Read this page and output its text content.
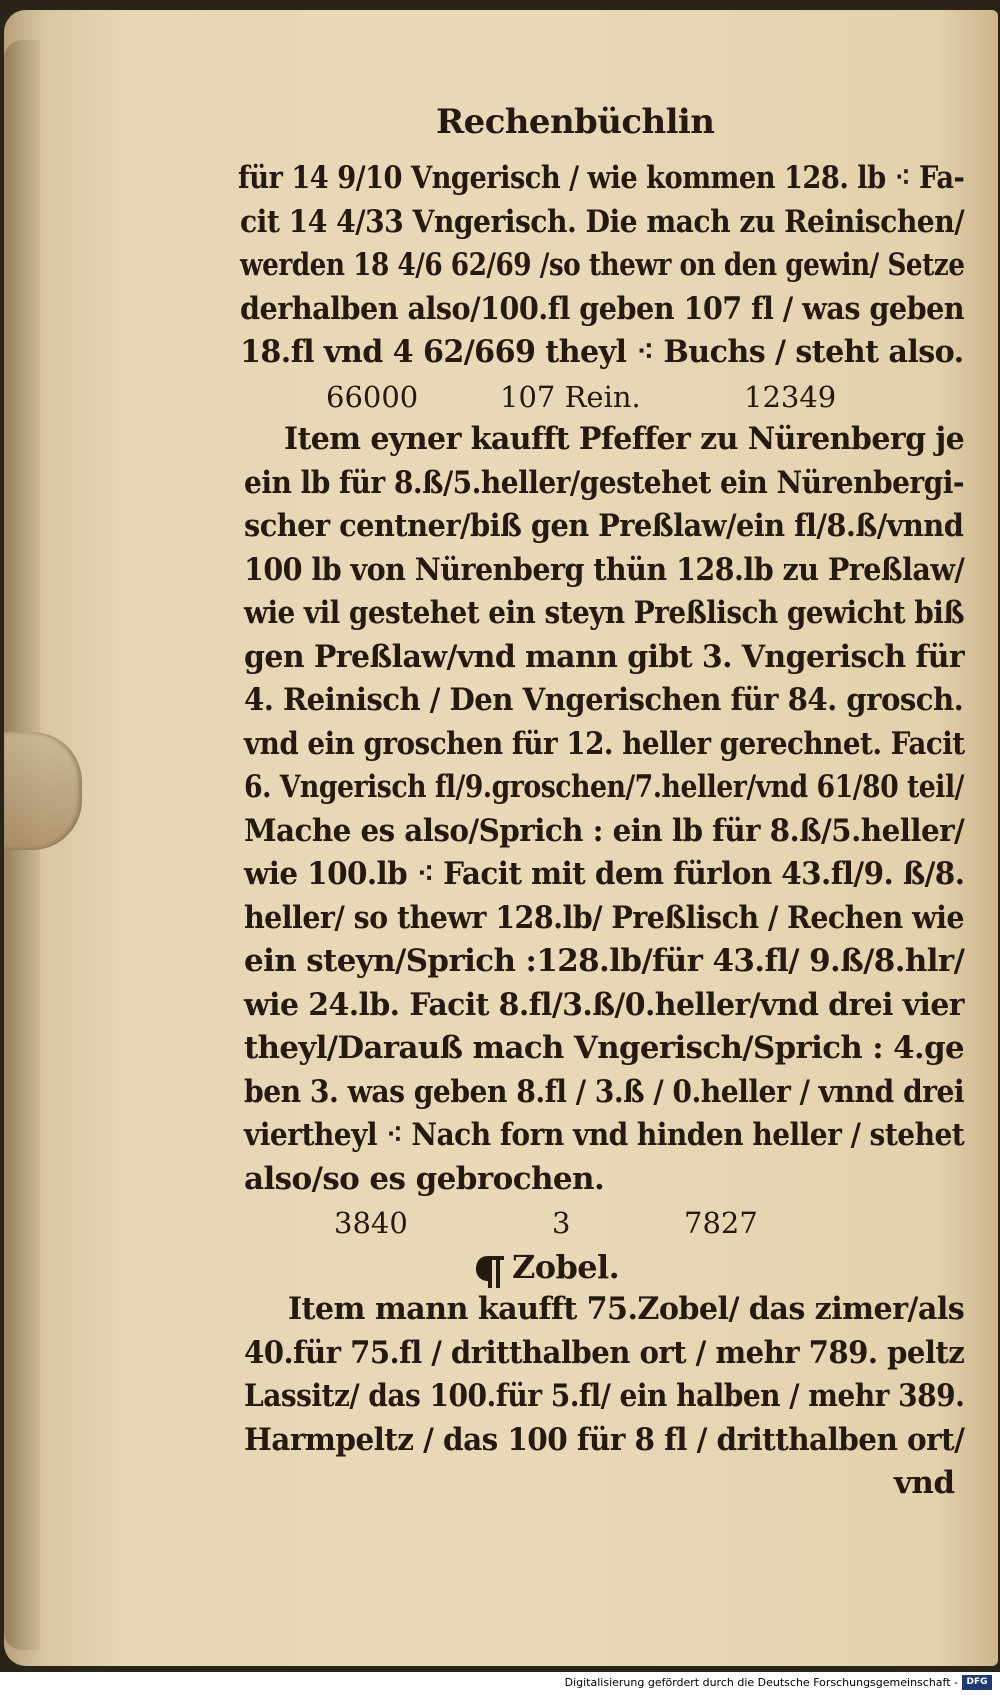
Rechenbüchlin
für 14 9/10 Vngerisch / wie kommen 128. lb ⁖ Fa-
cit 14 4/33 Vngerisch. Die mach zu Reinischen/
werden 18 4/6 62/69 /so thewr on den gewin/ Setze
derhalben also/100.fl geben 107 fl / was geben
18.fl vnd 4 62/669 theyl ⁖ Buchs / steht also.
66000	107 Rein.	12349
Item eyner kaufft Pfeffer zu Nürenberg je
ein lb für 8.ß/5.heller/gestehet ein Nürenbergi-
scher centner/biß gen Preßlaw/ein fl/8.ß/vnnd
100 lb von Nürenberg thün 128.lb zu Preßlaw/
wie vil gestehet ein steyn Preßlisch gewicht biß
gen Preßlaw/vnd mann gibt 3. Vngerisch für
4. Reinisch / Den Vngerischen für 84. grosch.
vnd ein groschen für 12. heller gerechnet. Facit
6. Vngerisch fl/9.groschen/7.heller/vnd 61/80 teil/
Mache es also/Sprich : ein lb für 8.ß/5.heller/
wie 100.lb ⁖ Facit mit dem fürlon 43.fl/9. ß/8.
heller/ so thewr 128.lb/ Preßlisch / Rechen wie
ein steyn/Sprich :128.lb/für 43.fl/ 9.ß/8.hlr/
wie 24.lb. Facit 8.fl/3.ß/0.heller/vnd drei vier
theyl/Darauß mach Vngerisch/Sprich : 4.ge
ben 3. was geben 8.fl / 3.ß / 0.heller / vnnd drei
viertheyl ⁖ Nach forn vnd hinden heller / stehet
also/so es gebrochen.
3840	3	7827
Zobel.
Item mann kaufft 75.Zobel/ das zimer/als
40.für 75.fl / dritthalben ort / mehr 789. peltz
Lassitz/ das 100.für 5.fl/ ein halben / mehr 389.
Harmpeltz / das 100 für 8 fl / dritthalben ort/
vnd
Digitalisierung gefördert durch die Deutsche Forschungsgemeinschaft - DFG
